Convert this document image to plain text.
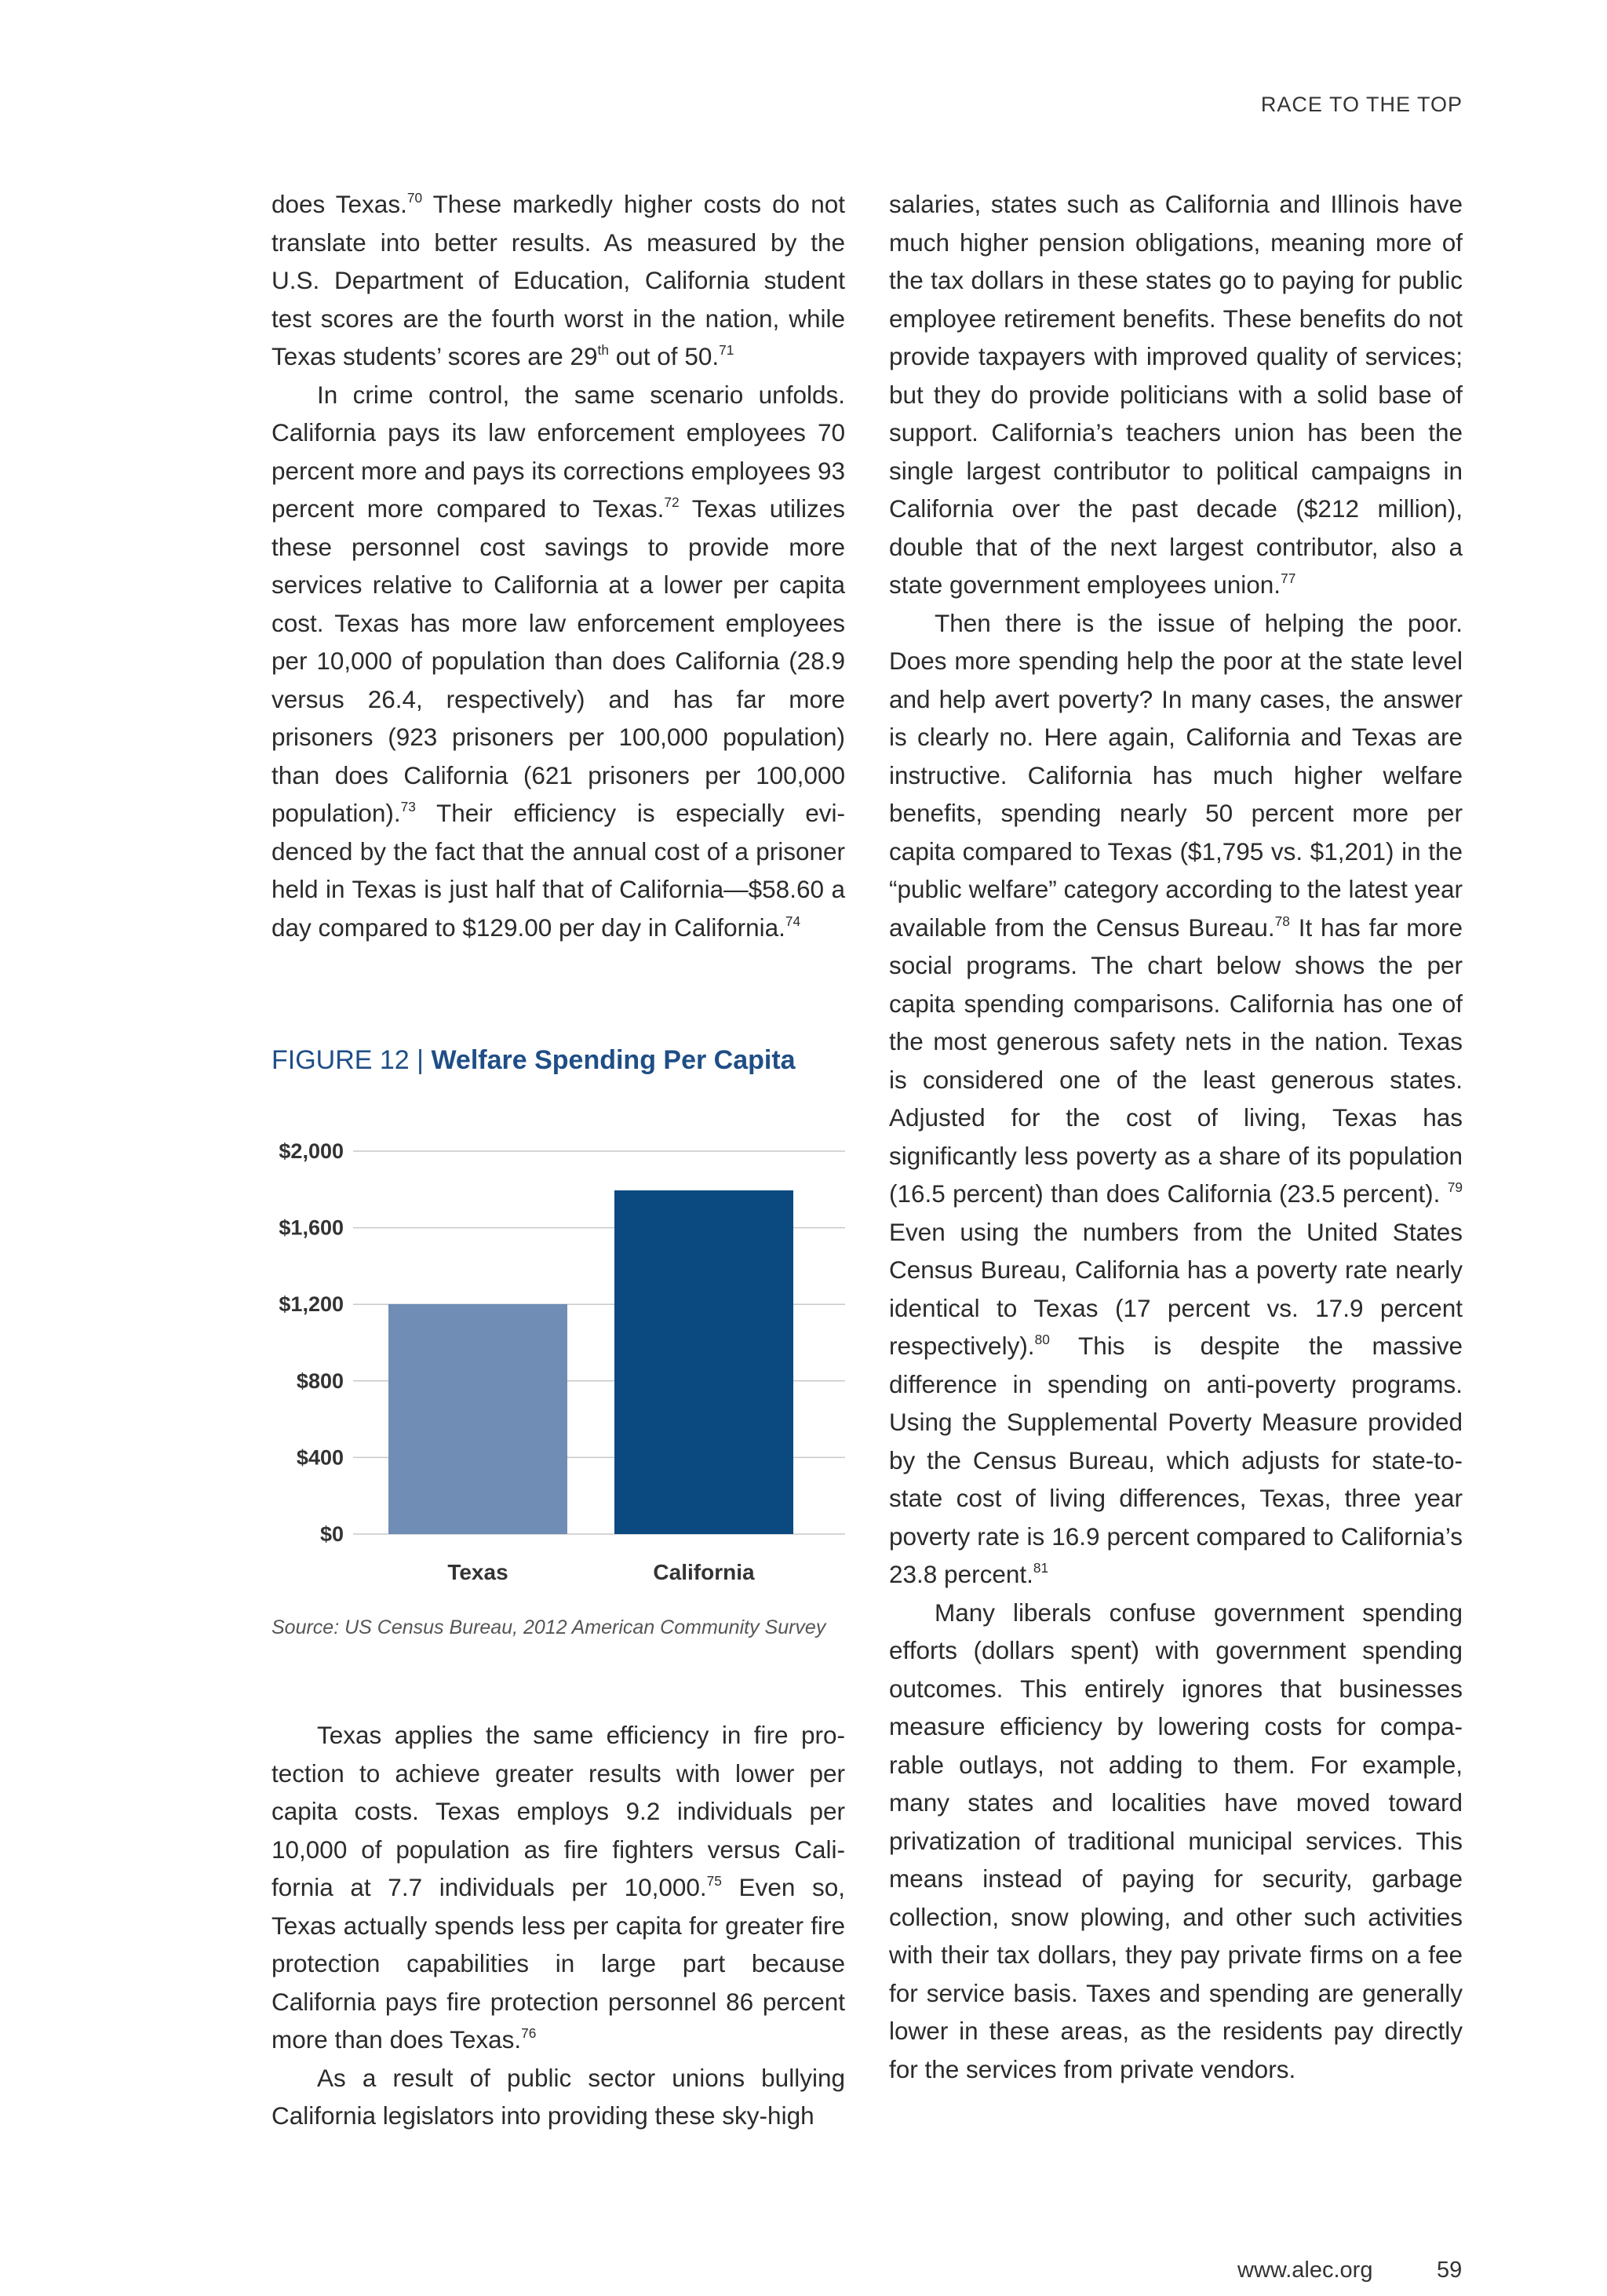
RACE TO THE TOP

does Texas.$^{70}$ These markedly higher costs do not translate into better results. As measured by the U.S. Department of Education, California student test scores are the fourth worst in the nation, while Texas students’ scores are 29th out of 50.71

In crime control, the same scenario unfolds. California pays its law enforcement employees 70 percent more and pays its corrections employees 93 percent more compared to Texas.$^{72}$ Texas utilizes these personnel cost savings to provide more services relative to California at a lower per capita cost. Texas has more law enforcement employees per 10,000 of population than does California (28.9 versus 26.4, respectively) and has far more prisoners (923 prisoners per 100,000 population) than does California (621 prisoners per 100,000 population).$^{73}$ Their efficiency is especially evidenced by the fact that the annual cost of a prisoner held in Texas is just half that of California—$58.60 a day compared to $129.00 per day in California.$^{74}$

FIGURE 12 | Welfare Spending Per Capita

$0
$400
$800
$1,200
$1,600
$2,000
Texas	California
Source: US Census Bureau, 2012 American Community Survey

Texas applies the same efficiency in fire protection to achieve greater results with lower per capita costs. Texas employs 9.2 individuals per 10,000 of population as fire fighters versus California at 7.7 individuals per 10,000.75 Even so, Texas actually spends less per capita for greater fire protection capabilities in large part because California pays fire protection personnel 86 percent more than does Texas.$^{76}$

As a result of public sector unions bullying California legislators into providing these sky-high

salaries, states such as California and Illinois have much higher pension obligations, meaning more of the tax dollars in these states go to paying for public employee retirement benefits. These benefits do not provide taxpayers with improved quality of services; but they do provide politicians with a solid base of support. California’s teachers union has been the single largest contributor to political campaigns in California over the past decade ($212 million), double that of the next largest contributor, also a state government employees union.$^{77}$

Then there is the issue of helping the poor. Does more spending help the poor at the state level and help avert poverty? In many cases, the answer is clearly no. Here again, California and Texas are instructive. California has much higher welfare benefits, spending nearly 50 percent more per capita compared to Texas ($1,795 vs. $1,201) in the “public welfare” category according to the latest year available from the Census Bureau.$^{78}$ It has far more social programs. The chart below shows the per capita spending comparisons. California has one of the most generous safety nets in the nation. Texas is considered one of the least generous states. Adjusted for the cost of living, Texas has significantly less poverty as a share of its population (16.5 percent) than does California (23.5 percent). $^{79}$ Even using the numbers from the United States Census Bureau, California has a poverty rate nearly identical to Texas (17 percent vs. 17.9 percent respectively).$^{80}$ This is despite the massive difference in spending on anti-poverty programs. Using the Supplemental Poverty Measure provided by the Census Bureau, which adjusts for state-to-state cost of living differences, Texas, three year poverty rate is 16.9 percent compared to California’s 23.8 percent.$^{81}$

Many liberals confuse government spending efforts (dollars spent) with government spending outcomes. This entirely ignores that businesses measure efficiency by lowering costs for comparable outlays, not adding to them. For example, many states and localities have moved toward privatization of traditional municipal services. This means instead of paying for security, garbage collection, snow plowing, and other such activities with their tax dollars, they pay private firms on a fee for service basis. Taxes and spending are generally lower in these areas, as the residents pay directly for the services from private vendors.

www.alec.org	59
